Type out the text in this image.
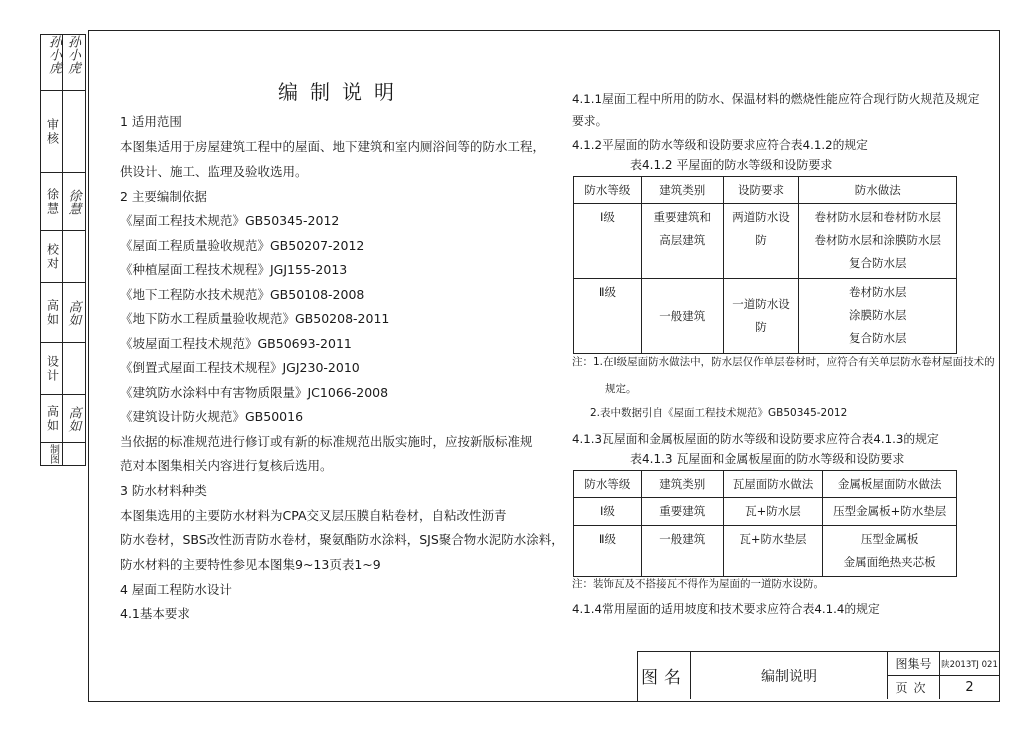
孙小虎 孙小虎
审核
徐慧 徐慧
校对
高如 高如
设计
高如 高如
制图
编制说明
1 适用范围
本图集适用于房屋建筑工程中的屋面、地下建筑和室内厕浴间等的防水工程，
供设计、施工、监理及验收选用。
2 主要编制依据
《屋面工程技术规范》GB50345-2012
《屋面工程质量验收规范》GB50207-2012
《种植屋面工程技术规程》JGJ155-2013
《地下工程防水技术规范》GB50108-2008
《地下防水工程质量验收规范》GB50208-2011
《坡屋面工程技术规范》GB50693-2011
《倒置式屋面工程技术规程》JGJ230-2010
《建筑防水涂料中有害物质限量》JC1066-2008
《建筑设计防火规范》GB50016
当依据的标准规范进行修订或有新的标准规范出版实施时，应按新版标准规
范对本图集相关内容进行复核后选用。
3 防水材料种类
本图集选用的主要防水材料为CPA交叉层压膜自粘卷材，自粘改性沥青
防水卷材，SBS改性沥青防水卷材，聚氨酯防水涂料，SJS聚合物水泥防水涂料，
防水材料的主要特性参见本图集9~13页表1~9
4 屋面工程防水设计
4.1基本要求
4.1.1屋面工程中所用的防水、保温材料的燃烧性能应符合现行防火规范及规定
要求。
4.1.2平屋面的防水等级和设防要求应符合表4.1.2的规定
表4.1.2 平屋面的防水等级和设防要求
防水等级	建筑类别	设防要求	防水做法
Ⅰ级	重要建筑和
高层建筑	两道防水设防	卷材防水层和卷材防水层
卷材防水层和涂膜防水层
复合防水层
Ⅱ级	一般建筑	一道防水设防	卷材防水层
涂膜防水层
复合防水层
注：1.在Ⅰ级屋面防水做法中，防水层仅作单层卷材时，应符合有关单层防水卷材屋面技术的
规定。
2.表中数据引自《屋面工程技术规范》GB50345-2012
4.1.3瓦屋面和金属板屋面的防水等级和设防要求应符合表4.1.3的规定
表4.1.3 瓦屋面和金属板屋面的防水等级和设防要求
防水等级	建筑类别	瓦屋面防水做法	金属板屋面防水做法
Ⅰ级	重要建筑	瓦+防水层	压型金属板+防水垫层
Ⅱ级	一般建筑	瓦+防水垫层	压型金属板
金属面绝热夹芯板
注：装饰瓦及不搭接瓦不得作为屋面的一道防水设防。
4.1.4常用屋面的适用坡度和技术要求应符合表4.1.4的规定
图名	编制说明
图集号	陕2013TJ 021
页次	2
